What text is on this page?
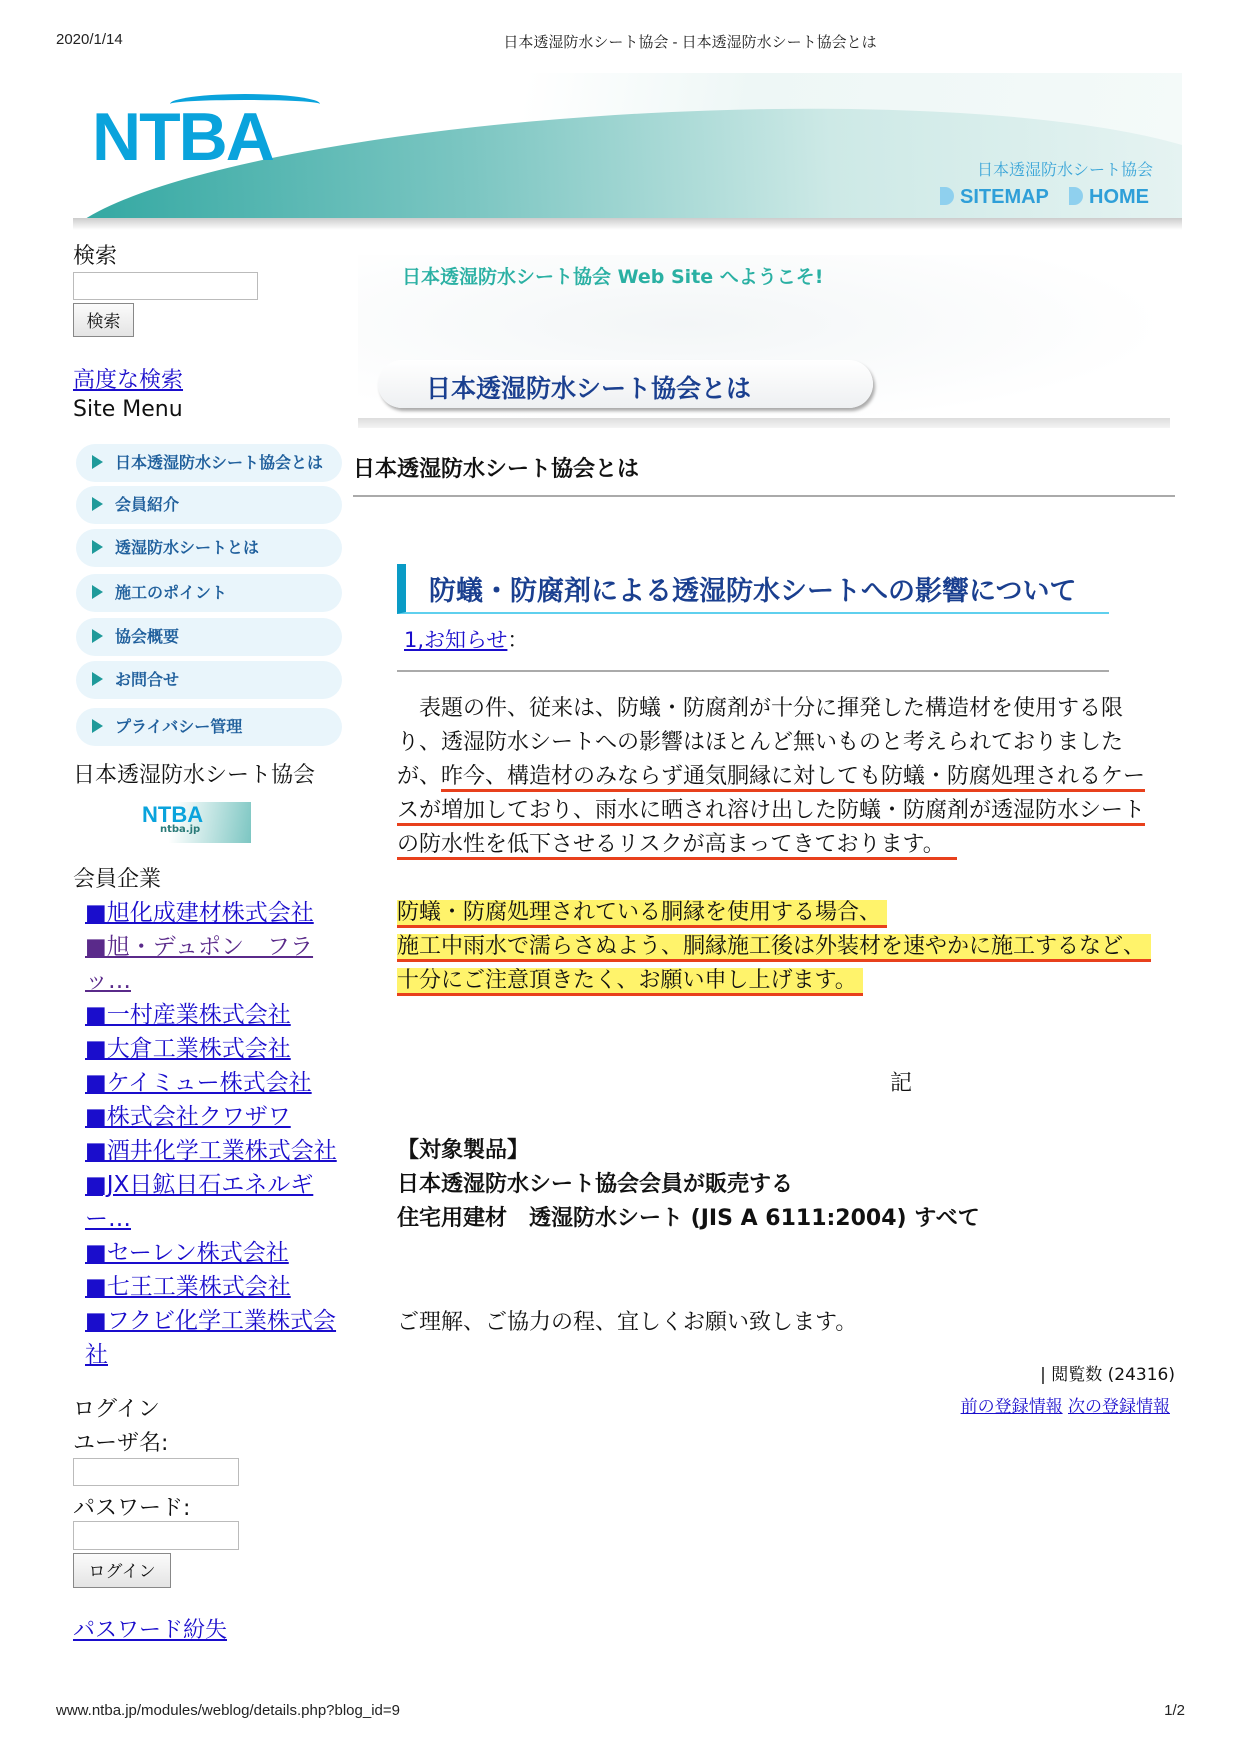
2020/1/14	日本透湿防水シート協会 - 日本透湿防水シート協会とは
NTBA	日本透湿防水シート協会
SITEMAP	HOME
検索
検索
高度な検索
Site Menu
日本透湿防水シート協会とは
会員紹介
透湿防水シートとは
施工のポイント
協会概要
お問合せ
プライバシー管理
日本透湿防水シート協会
NTBA
ntba.jp
会員企業
■旭化成建材株式会社
■旭・デュポン　フラッ…
■一村産業株式会社
■大倉工業株式会社
■ケイミュー株式会社
■株式会社クワザワ
■酒井化学工業株式会社
■JX日鉱日石エネルギー…
■セーレン株式会社
■七王工業株式会社
■フクビ化学工業株式会社
ログイン
ユーザ名:
パスワード:
ログイン
パスワード紛失
日本透湿防水シート協会 Web Site へようこそ!
日本透湿防水シート協会とは
日本透湿防水シート協会とは
防蟻・防腐剤による透湿防水シートへの影響について
1,お知らせ：
　表題の件、従来は、防蟻・防腐剤が十分に揮発した構造材を使用する限
り、透湿防水シートへの影響はほとんど無いものと考えられておりました
が、昨今、構造材のみならず通気胴縁に対しても防蟻・防腐処理されるケー
スが増加しており、雨水に晒され溶け出した防蟻・防腐剤が透湿防水シート
の防水性を低下させるリスクが高まってきております。
防蟻・防腐処理されている胴縁を使用する場合、
施工中雨水で濡らさぬよう、胴縁施工後は外装材を速やかに施工するなど、
十分にご注意頂きたく、お願い申し上げます。
記
【対象製品】
日本透湿防水シート協会会員が販売する
住宅用建材　透湿防水シート (JIS A 6111:2004) すべて
ご理解、ご協力の程、宜しくお願い致します。
| 閲覧数 (24316)
前の登録情報 次の登録情報
www.ntba.jp/modules/weblog/details.php?blog_id=9	1/2
